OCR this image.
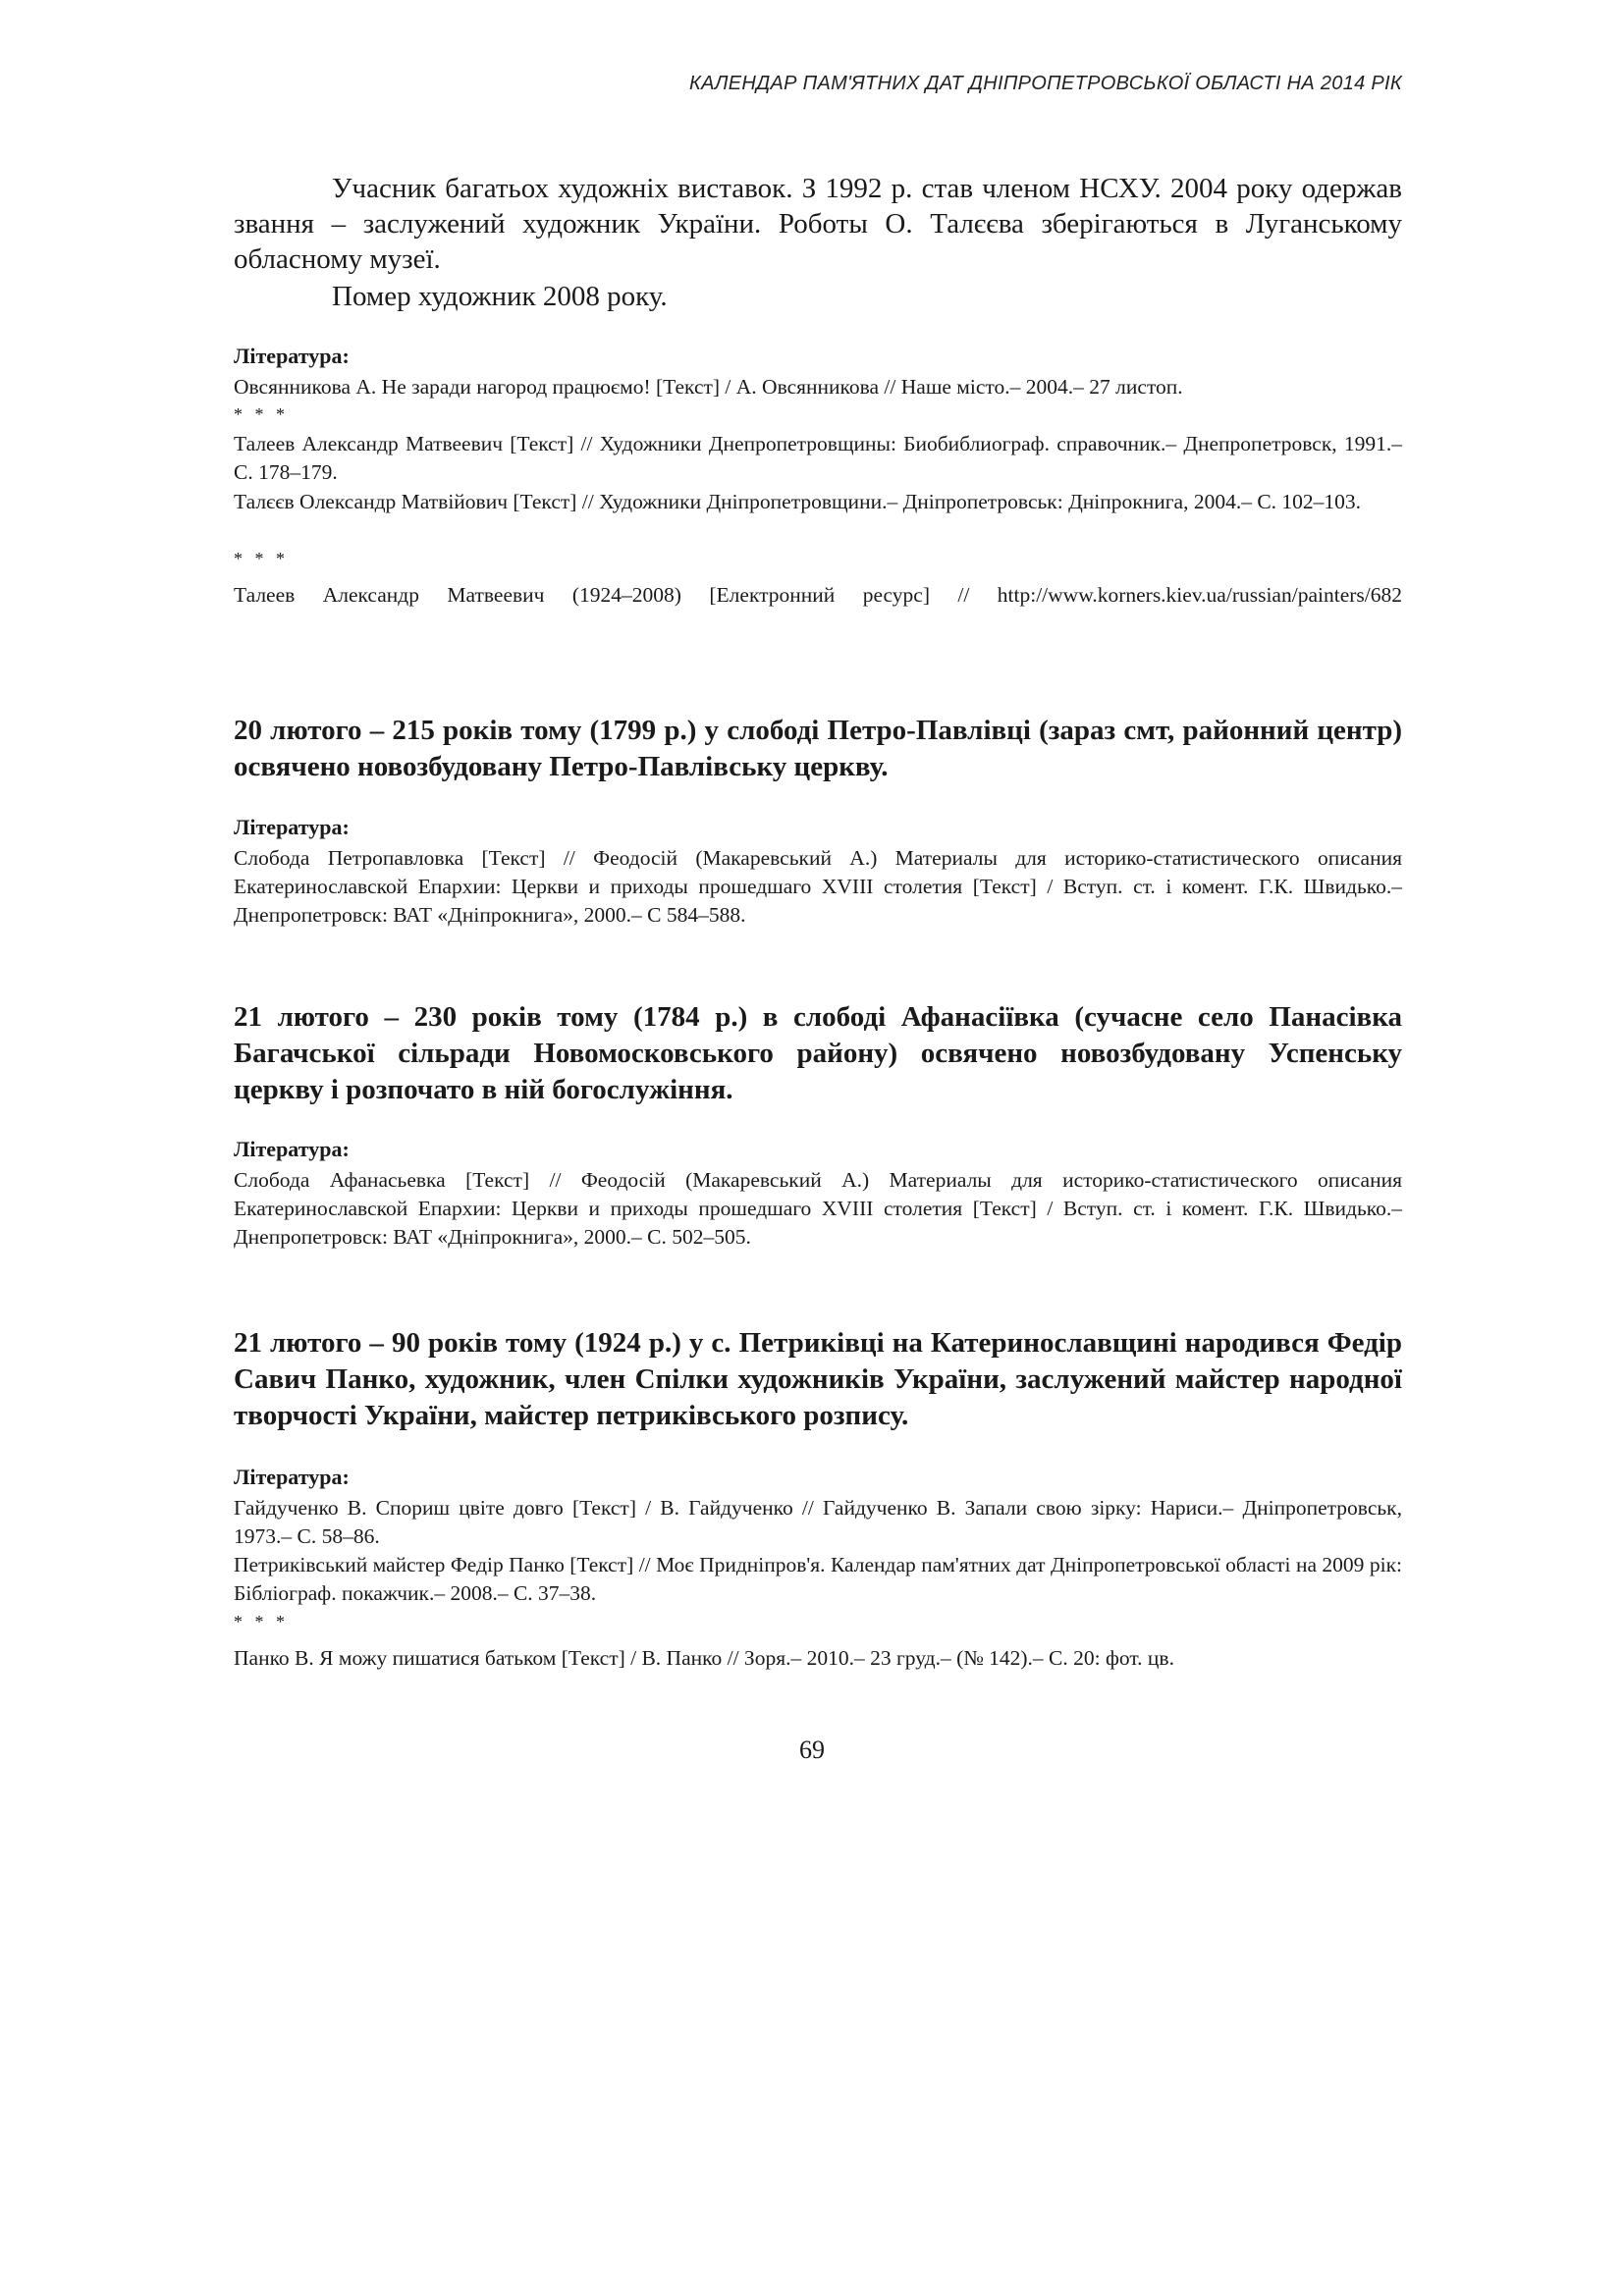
КАЛЕНДАР ПАМ'ЯТНИХ ДАТ ДНІПРОПЕТРОВСЬКОЇ ОБЛАСТІ НА 2014 РІК
Учасник багатьох художніх виставок. З 1992 р. став членом НСХУ. 2004 року одержав звання – заслужений художник України. Роботы О. Талєєва зберігаються в Луганському обласному музеї.
Помер художник 2008 року.
Література:
Овсянникова А. Не заради нагород працюємо! [Текст] / А. Овсянникова // Наше місто.– 2004.– 27 листоп.
* * *
Талеев Александр Матвеевич [Текст] // Художники Днепропетровщины: Биобиблиограф. справочник.– Днепропетровск, 1991.– С. 178–179.
Талєєв Олександр Матвійович [Текст] // Художники Дніпропетровщини.– Дніпропетровськ: Дніпрокнига, 2004.– С. 102–103.
* * *
Талеев Александр Матвеевич (1924–2008) [Електронний ресурс] // http://www.korners.kiev.ua/russian/painters/682
20 лютого – 215 років тому (1799 р.) у слободі Петро-Павлівці (зараз смт, районний центр) освячено новозбудовану Петро-Павлівську церкву.
Література:
Слобода Петропавловка [Текст] // Феодосій (Макаревський А.) Материалы для историко-статистического описания Екатеринославской Епархии: Церкви и приходы прошедшаго XVIII столетия [Текст] / Вступ. ст. і комент. Г.К. Швидько.– Днепропетровск: ВАТ «Дніпрокнига», 2000.– С 584–588.
21 лютого – 230 років тому (1784 р.) в слободі Афанасіївка (сучасне село Панасівка Багачської сільради Новомосковського району) освячено новозбудовану Успенську церкву і розпочато в ній богослужіння.
Література:
Слобода Афанасьевка [Текст] // Феодосій (Макаревський А.) Материалы для историко-статистического описания Екатеринославской Епархии: Церкви и приходы прошедшаго XVIII столетия [Текст] / Вступ. ст. і комент. Г.К. Швидько.– Днепропетровск: ВАТ «Дніпрокнига», 2000.– С. 502–505.
21 лютого – 90 років тому (1924 р.) у с. Петриківці на Катеринославщині народився Федір Савич Панко, художник, член Спілки художників України, заслужений майстер народної творчості України, майстер петриківського розпису.
Література:
Гайдученко В. Спориш цвіте довго [Текст] / В. Гайдученко // Гайдученко В. Запали свою зірку: Нариси.– Дніпропетровськ, 1973.– С. 58–86.
Петриківський майстер Федір Панко [Текст] // Моє Придніпров'я. Календар пам'ятних дат Дніпропетровської області на 2009 рік: Бібліограф. покажчик.– 2008.– С. 37–38.
* * *
Панко В. Я можу пишатися батьком [Текст] / В. Панко // Зоря.– 2010.– 23 груд.– (№ 142).– С. 20: фот. цв.
69
